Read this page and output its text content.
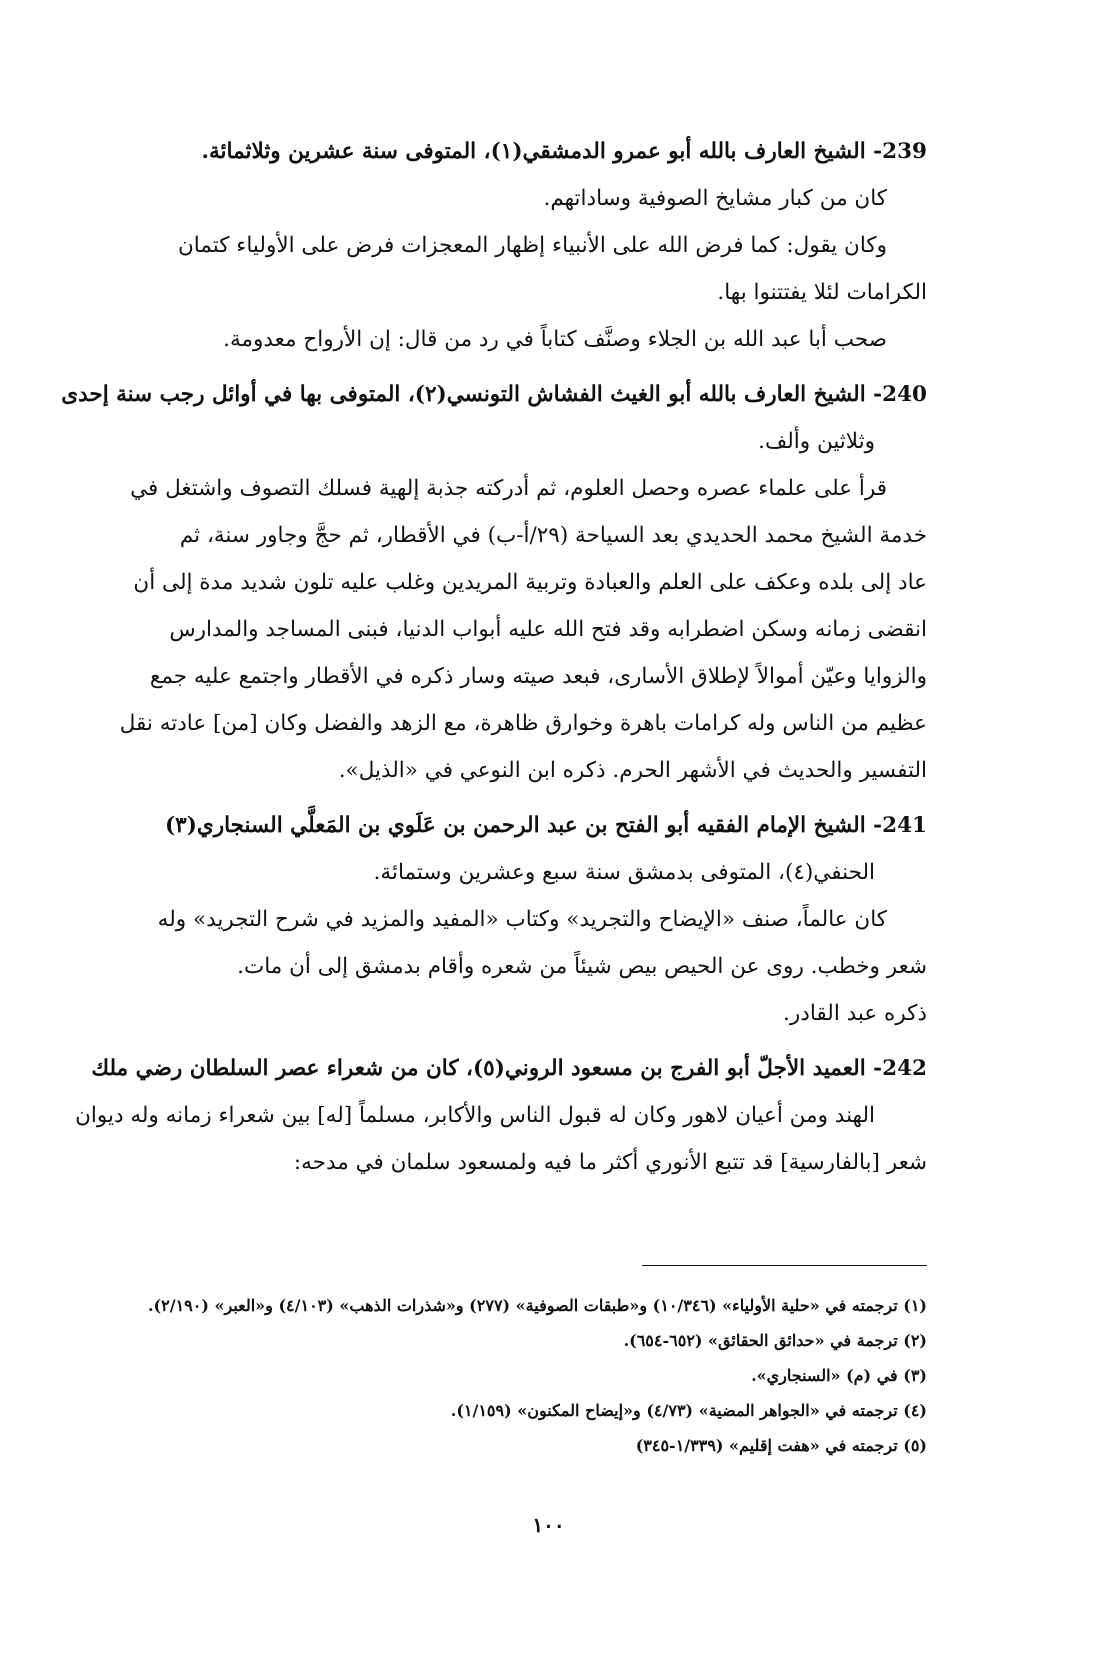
239- الشيخ العارف بالله أبو عمرو الدمشقي(١)، المتوفى سنة عشرين وثلاثمائة.
كان من كبار مشايخ الصوفية وساداتهم.
وكان يقول: كما فرض الله على الأنبياء إظهار المعجزات فرض على الأولياء كتمان
الكرامات لئلا يفتتنوا بها.
صحب أبا عبد الله بن الجلاء وصنَّف كتاباً في رد من قال: إن الأرواح معدومة.
240- الشيخ العارف بالله أبو الغيث الفشاش التونسي(٢)، المتوفى بها في أوائل رجب سنة إحدى
وثلاثين وألف.
قرأ على علماء عصره وحصل العلوم، ثم أدركته جذبة إلهية فسلك التصوف واشتغل في
خدمة الشيخ محمد الحديدي بعد السياحة (٢٩/أ-ب) في الأقطار، ثم حجَّ وجاور سنة، ثم
عاد إلى بلده وعكف على العلم والعبادة وتربية المريدين وغلب عليه تلون شديد مدة إلى أن
انقضى زمانه وسكن اضطرابه وقد فتح الله عليه أبواب الدنيا، فبنى المساجد والمدارس
والزوايا وعيّن أموالاً لإطلاق الأسارى، فبعد صيته وسار ذكره في الأقطار واجتمع عليه جمع
عظيم من الناس وله كرامات باهرة وخوارق ظاهرة، مع الزهد والفضل وكان [من] عادته نقل
التفسير والحديث في الأشهر الحرم. ذكره ابن النوعي في «الذيل».
241- الشيخ الإمام الفقيه أبو الفتح بن عبد الرحمن بن عَلَوي بن المَعلَّي السنجاري(٣)
الحنفي(٤)، المتوفى بدمشق سنة سبع وعشرين وستمائة.
كان عالماً، صنف «الإيضاح والتجريد» وكتاب «المفيد والمزيد في شرح التجريد» وله
شعر وخطب. روى عن الحيص بيص شيئاً من شعره وأقام بدمشق إلى أن مات.
ذكره عبد القادر.
242- العميد الأجلّ أبو الفرج بن مسعود الروني(٥)، كان من شعراء عصر السلطان رضي ملك
الهند ومن أعيان لاهور وكان له قبول الناس والأكابر، مسلماً [له] بين شعراء زمانه وله ديوان
شعر [بالفارسية] قد تتبع الأنوري أكثر ما فيه ولمسعود سلمان في مدحه:
(١) ترجمته في «حلية الأولياء» (١٠/٣٤٦) و«طبقات الصوفية» (٢٧٧) و«شذرات الذهب» (٤/١٠٣) و«العبر» (٢/١٩٠).
(٢) ترجمة في «حدائق الحقائق» (٦٥٢-٦٥٤).
(٣) في (م) «السنجاري».
(٤) ترجمته في «الجواهر المضية» (٤/٧٣) و«إيضاح المكنون» (١/١٥٩).
(٥) ترجمته في «هفت إقليم» (١/٣٣٩-٣٤٥)
١٠٠
